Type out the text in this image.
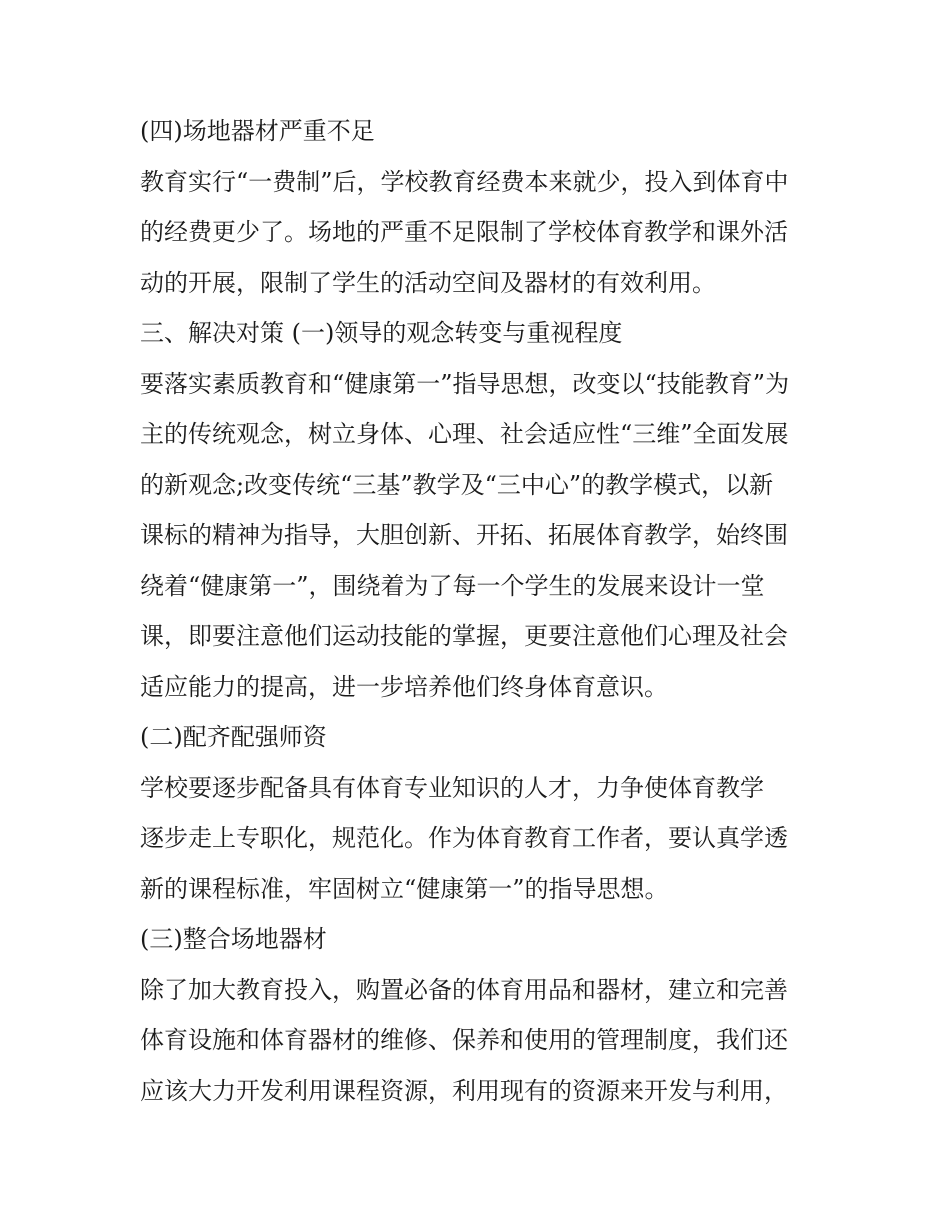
(四)场地器材严重不足
教育实行“一费制”后，学校教育经费本来就少，投入到体育中
的经费更少了。场地的严重不足限制了学校体育教学和课外活
动的开展，限制了学生的活动空间及器材的有效利用。
三、解决对策 (一)领导的观念转变与重视程度
要落实素质教育和“健康第一”指导思想，改变以“技能教育”为
主的传统观念，树立身体、心理、社会适应性“三维”全面发展
的新观念;改变传统“三基”教学及“三中心”的教学模式，以新
课标的精神为指导，大胆创新、开拓、拓展体育教学，始终围
绕着“健康第一”，围绕着为了每一个学生的发展来设计一堂
课，即要注意他们运动技能的掌握，更要注意他们心理及社会
适应能力的提高，进一步培养他们终身体育意识。
(二)配齐配强师资
学校要逐步配备具有体育专业知识的人才，力争使体育教学
逐步走上专职化，规范化。作为体育教育工作者，要认真学透
新的课程标准，牢固树立“健康第一”的指导思想。
(三)整合场地器材
除了加大教育投入，购置必备的体育用品和器材，建立和完善
体育设施和体育器材的维修、保养和使用的管理制度，我们还
应该大力开发利用课程资源，利用现有的资源来开发与利用，
